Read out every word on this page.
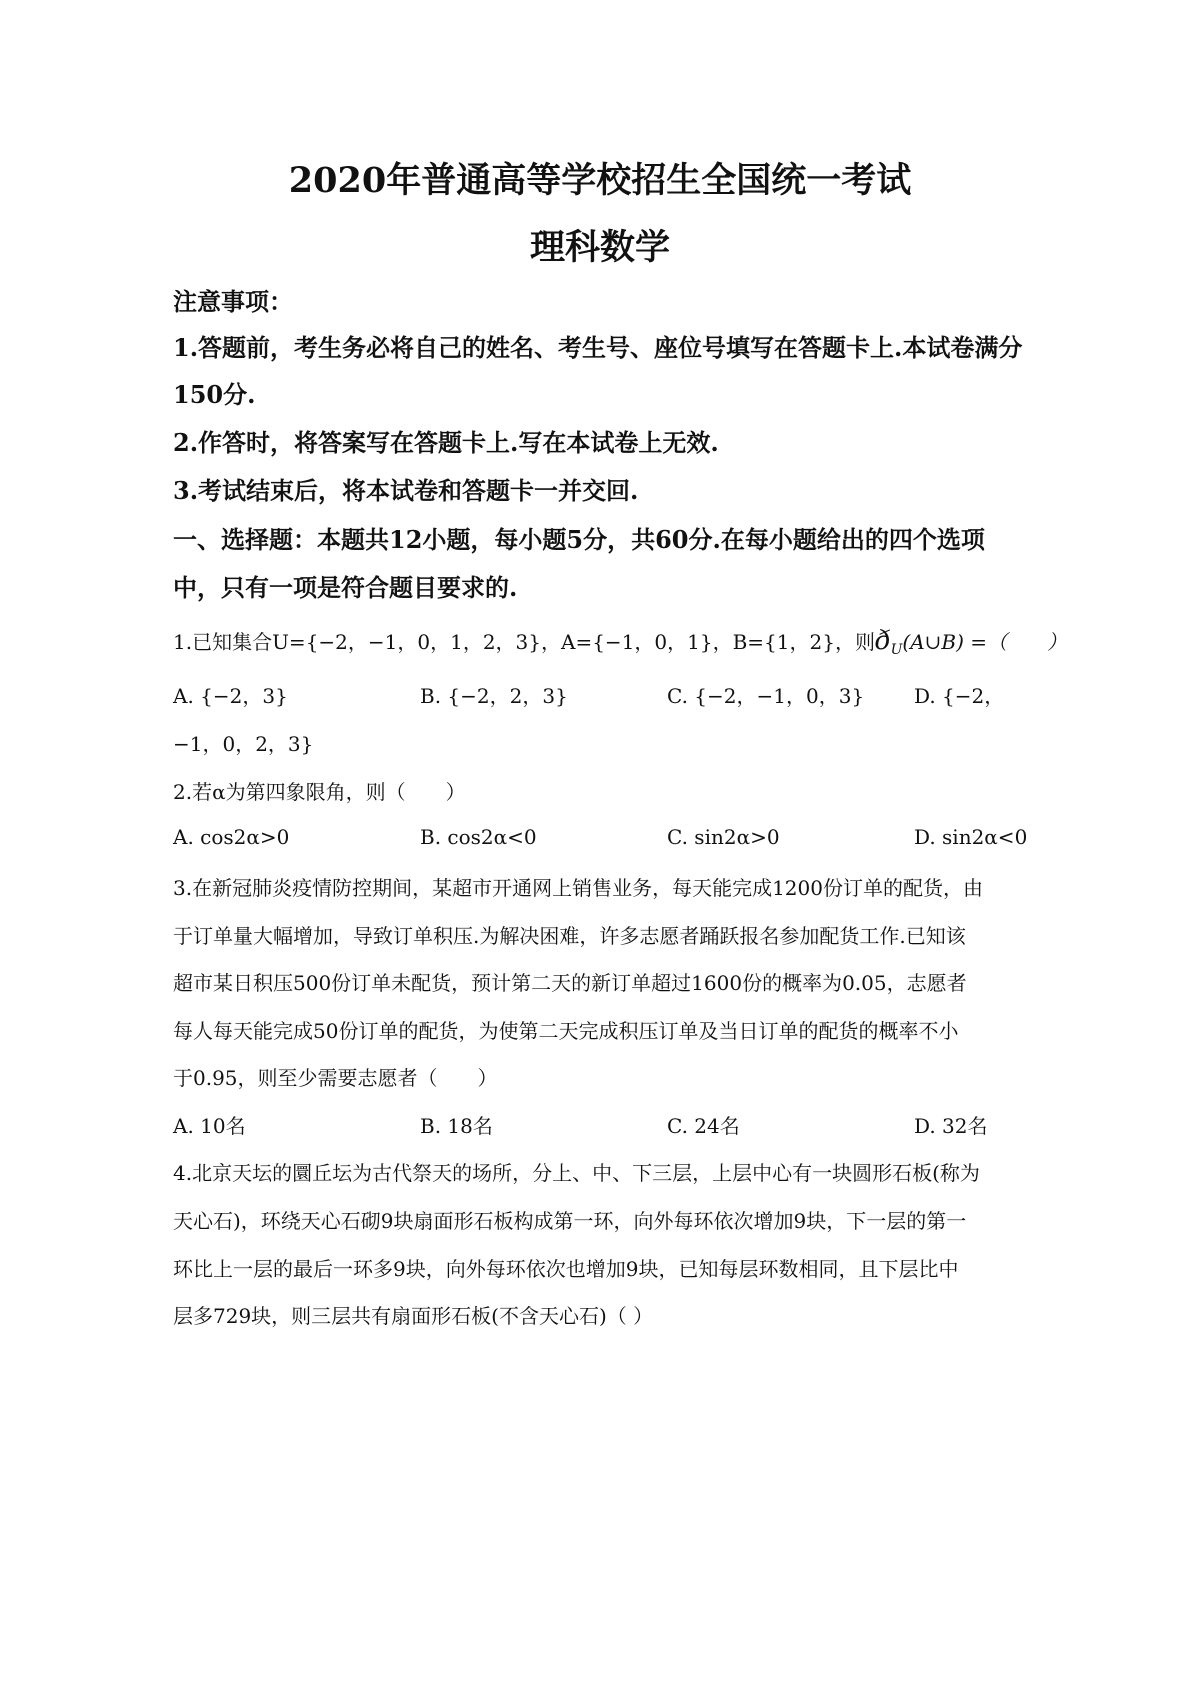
2020年普通高等学校招生全国统一考试
理科数学
注意事项：
1.答题前，考生务必将自己的姓名、考生号、座位号填写在答题卡上.本试卷满分
150分.
2.作答时，将答案写在答题卡上.写在本试卷上无效.
3.考试结束后，将本试卷和答题卡一并交回.
一、选择题：本题共12小题，每小题5分，共60分.在每小题给出的四个选项
中，只有一项是符合题目要求的.
1.已知集合U={−2，−1，0，1，2，3}，A={−1，0，1}，B={1，2}，则$ð_U(A\cup B)$ =（　　）
A. {−2，3}	B. {−2，2，3}	C. {−2，−1，0，3} D. {−2，
−1，0，2，3}
2.若α为第四象限角，则（　　）
A. cos2α>0	B. cos2α<0	C. sin2α>0	D. sin2α<0
3.在新冠肺炎疫情防控期间，某超市开通网上销售业务，每天能完成1200份订单的配货，由
于订单量大幅增加，导致订单积压.为解决困难，许多志愿者踊跃报名参加配货工作.已知该
超市某日积压500份订单未配货，预计第二天的新订单超过1600份的概率为0.05，志愿者
每人每天能完成50份订单的配货，为使第二天完成积压订单及当日订单的配货的概率不小
于0.95，则至少需要志愿者（　　）
A. 10名	B. 18名	C. 24名	D. 32名
4.北京天坛的圜丘坛为古代祭天的场所，分上、中、下三层，上层中心有一块圆形石板(称为
天心石)，环绕天心石砌9块扇面形石板构成第一环，向外每环依次增加9块，下一层的第一
环比上一层的最后一环多9块，向外每环依次也增加9块，已知每层环数相同，且下层比中
层多729块，则三层共有扇面形石板(不含天心石)（ ）
